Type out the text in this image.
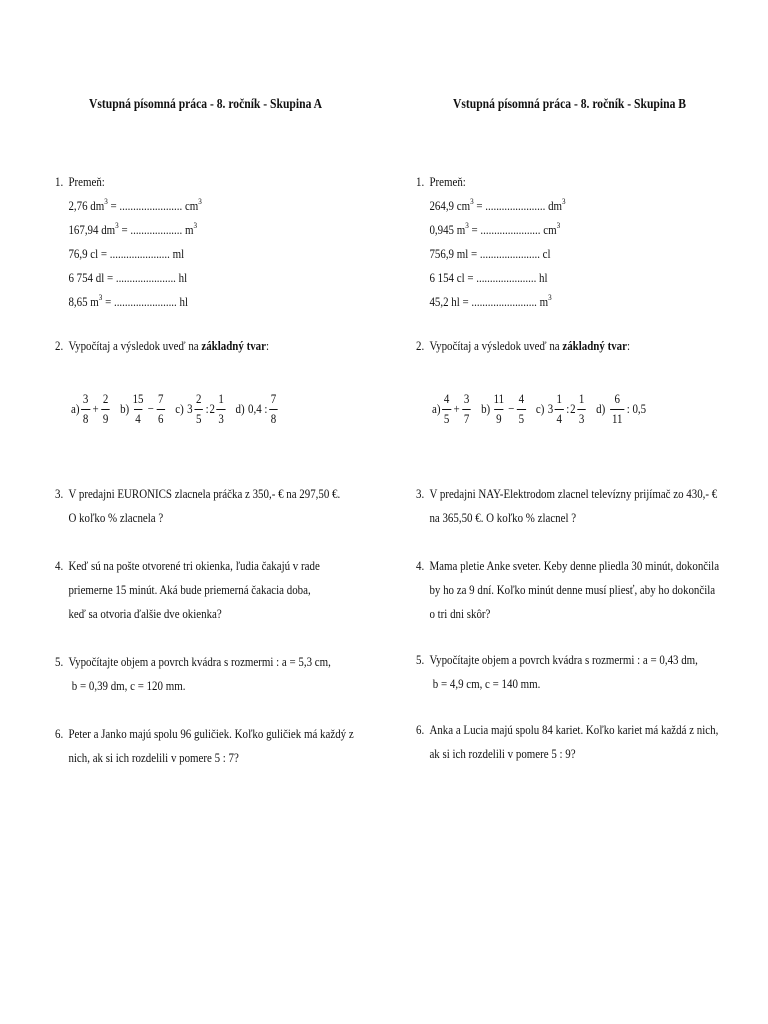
Vstupná písomná práca - 8. ročník - Skupina A
1. Premeň:
2,76 $dm^3$ = ....................... $cm^3$
167,94 $dm^3$ = ................... $m^3$
76,9 cl = ...................... ml
6 754 dl = ...................... hl
8,65 $m^3$ = ....................... hl
2. Vypočítaj a výsledok uveď na základný tvar:
$a) \frac{3}{8} + \frac{2}{9} b) \frac{15}{4} - \frac{7}{6} c$) $3 \frac{2}{5}$ : $2 \frac{1}{3} d$) 0,4 : $\frac{7}{8}$
3. V predajni EURONICS zlacnela práčka z 350,- € na 297,50 €.
O koľko % zlacnela ?
4. Keď sú na pošte otvorené tri okienka, ľudia čakajú v rade
priemerne 15 minút. Aká bude priemerná čakacia doba,
keď sa otvoria ďalšie dve okienka?
5. Vypočítajte objem a povrch kvádra s rozmermi : a = 5,3 cm,
b = 0,39 dm, c = 120 mm.
6. Peter a Janko majú spolu 96 guličiek. Koľko guličiek má každý z
nich, ak si ich rozdelili v pomere 5 : 7?
Vstupná písomná práca - 8. ročník - Skupina B
1. Premeň:
264,9 $cm^3$ = ...................... $dm^3$
0,945 $m^3$ = ...................... $cm^3$
756,9 ml = ...................... cl
6 154 cl = ...................... hl
45,2 hl = ........................ $m^3$
2. Vypočítaj a výsledok uveď na základný tvar:
$a) \frac{4}{5} + \frac{3}{7} b) \frac{11}{9} - \frac{4}{5} c$) $3 \frac{1}{4}$ : $2 \frac{1}{3} d) \frac{6}{11}$ : 0,5
3. V predajni NAY-Elektrodom zlacnel televízny prijímač zo 430,- €
na 365,50 €. O koľko % zlacnel ?
4. Mama pletie Anke sveter. Keby denne pliedla 30 minút, dokončila
by ho za 9 dní. Koľko minút denne musí pliesť, aby ho dokončila
o tri dni skôr?
5. Vypočítajte objem a povrch kvádra s rozmermi : a = 0,43 dm,
b = 4,9 cm, c = 140 mm.
6. Anka a Lucia majú spolu 84 kariet. Koľko kariet má každá z nich,
ak si ich rozdelili v pomere 5 : 9?
